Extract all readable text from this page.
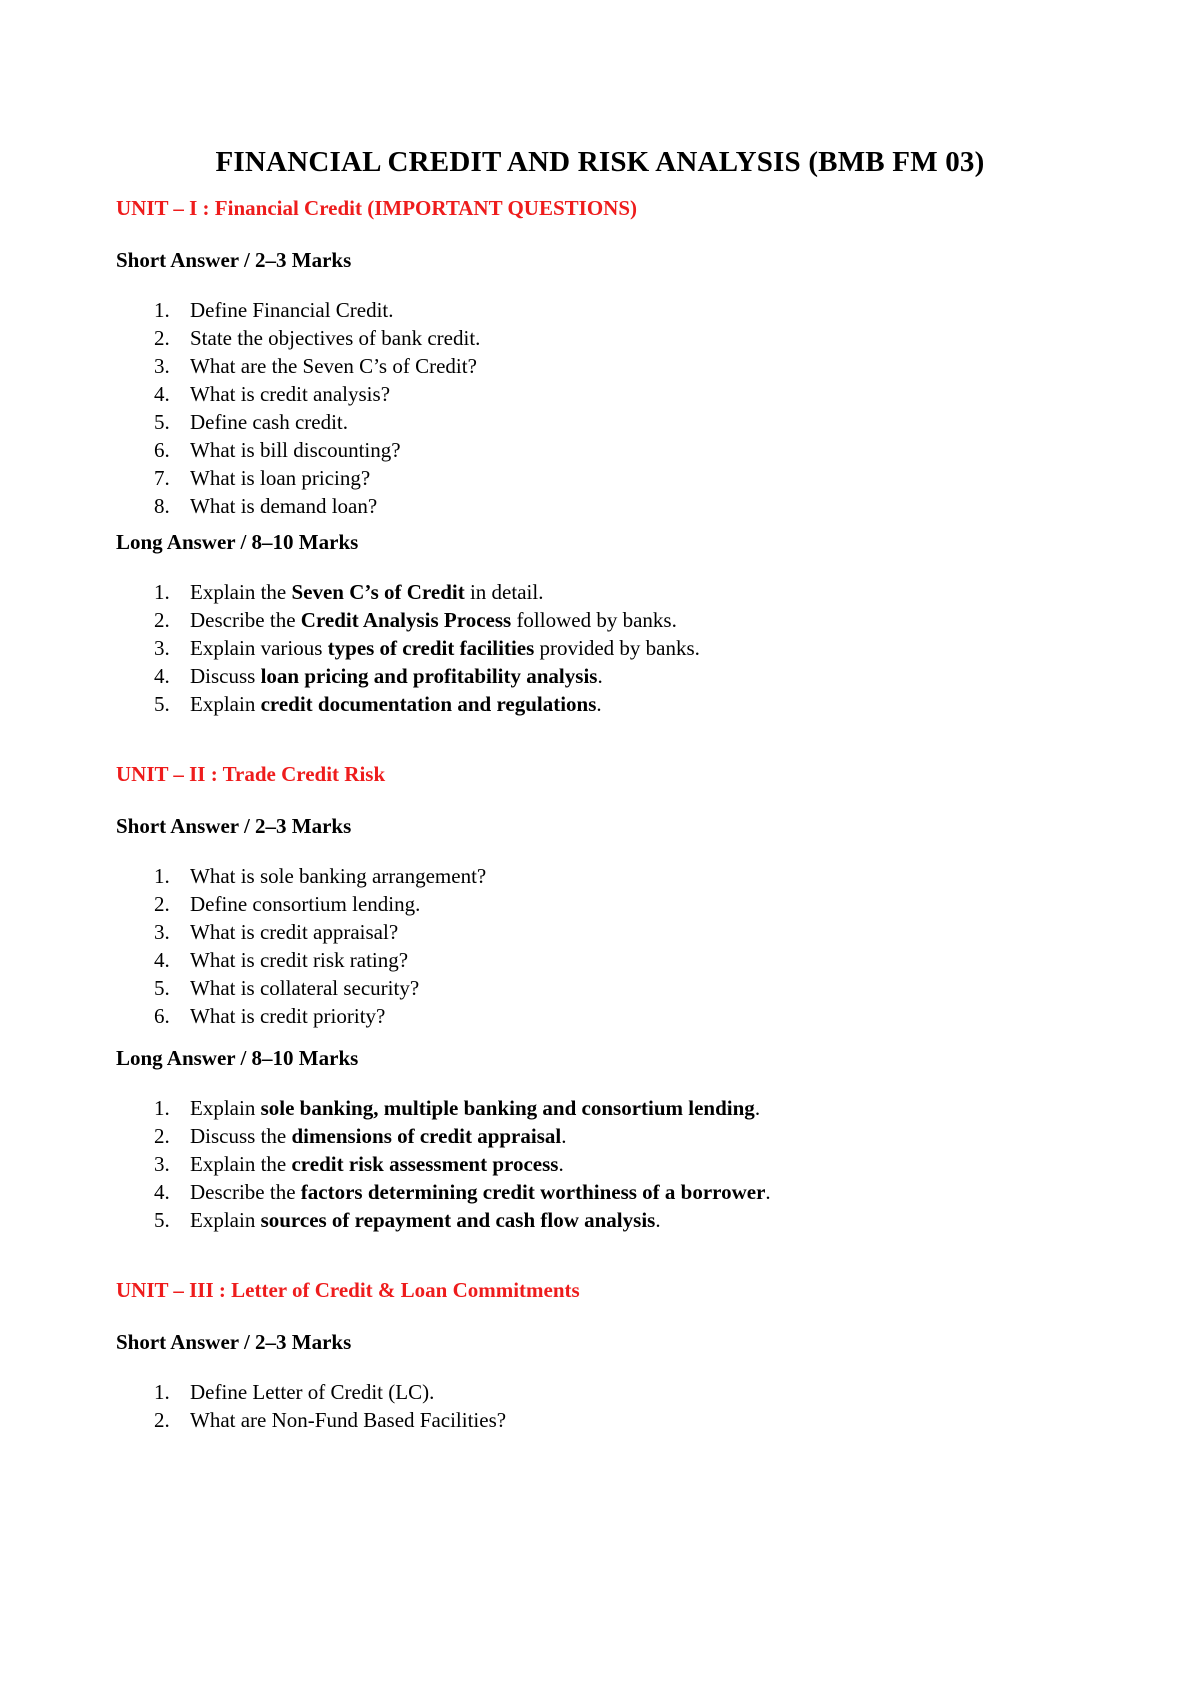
FINANCIAL CREDIT AND RISK ANALYSIS (BMB FM 03)
UNIT – I : Financial Credit (IMPORTANT QUESTIONS)
Short Answer / 2–3 Marks
1. Define Financial Credit.
2. State the objectives of bank credit.
3. What are the Seven C’s of Credit?
4. What is credit analysis?
5. Define cash credit.
6. What is bill discounting?
7. What is loan pricing?
8. What is demand loan?
Long Answer / 8–10 Marks
1. Explain the Seven C’s of Credit in detail.
2. Describe the Credit Analysis Process followed by banks.
3. Explain various types of credit facilities provided by banks.
4. Discuss loan pricing and profitability analysis.
5. Explain credit documentation and regulations.
UNIT – II : Trade Credit Risk
Short Answer / 2–3 Marks
1. What is sole banking arrangement?
2. Define consortium lending.
3. What is credit appraisal?
4. What is credit risk rating?
5. What is collateral security?
6. What is credit priority?
Long Answer / 8–10 Marks
1. Explain sole banking, multiple banking and consortium lending.
2. Discuss the dimensions of credit appraisal.
3. Explain the credit risk assessment process.
4. Describe the factors determining credit worthiness of a borrower.
5. Explain sources of repayment and cash flow analysis.
UNIT – III : Letter of Credit & Loan Commitments
Short Answer / 2–3 Marks
1. Define Letter of Credit (LC).
2. What are Non-Fund Based Facilities?
